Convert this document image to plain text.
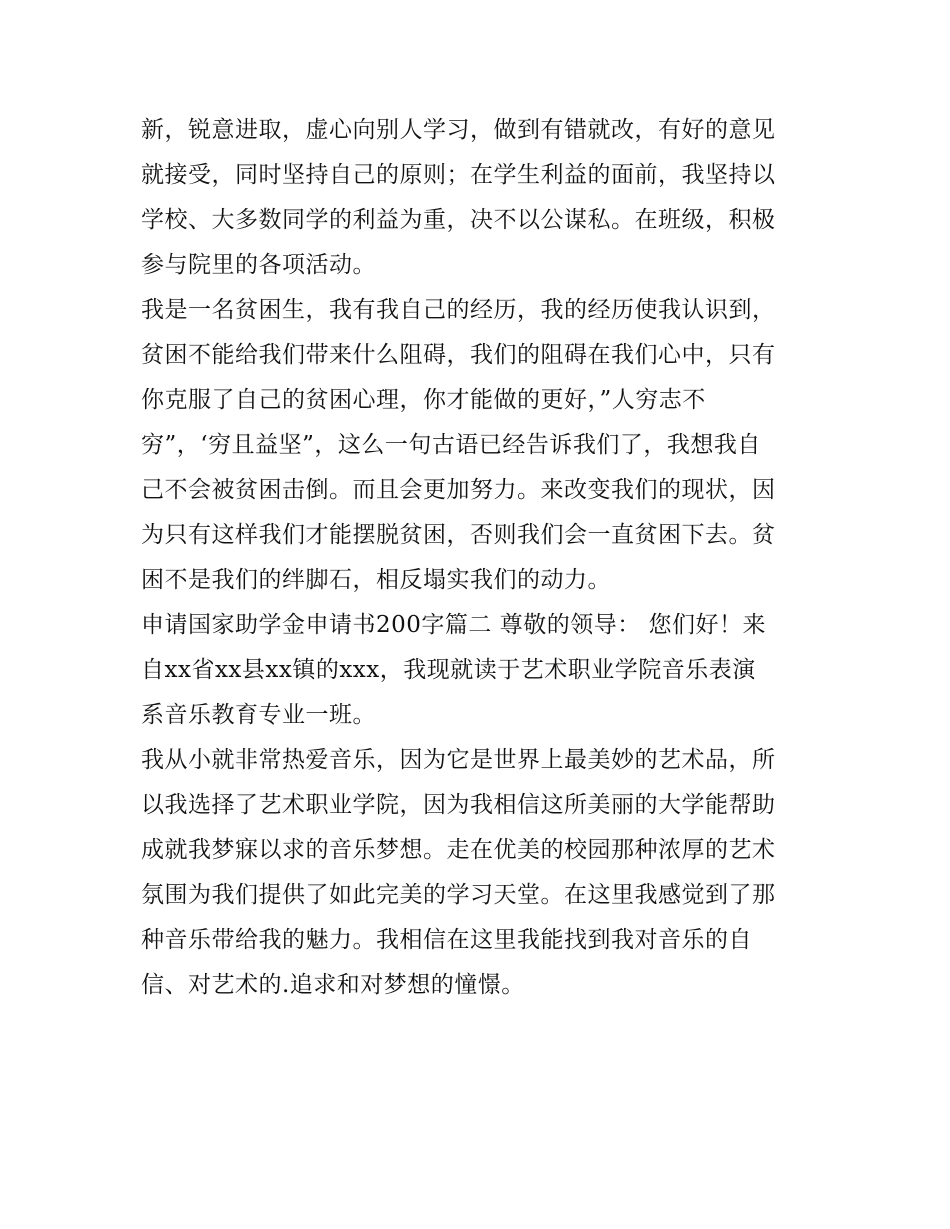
新，锐意进取，虚心向别人学习，做到有错就改，有好的意见
就接受，同时坚持自己的原则；在学生利益的面前，我坚持以
学校、大多数同学的利益为重，决不以公谋私。在班级，积极
参与院里的各项活动。
我是一名贫困生，我有我自己的经历，我的经历使我认识到，
贫困不能给我们带来什么阻碍，我们的阻碍在我们心中，只有
你克服了自己的贫困心理，你才能做的更好，”人穷志不
穷”，‘穷且益坚”，这么一句古语已经告诉我们了，我想我自
己不会被贫困击倒。而且会更加努力。来改变我们的现状，因
为只有这样我们才能摆脱贫困，否则我们会一直贫困下去。贫
困不是我们的绊脚石，相反塌实我们的动力。
申请国家助学金申请书200字篇二 尊敬的领导： 您们好！来
自xx省xx县xx镇的xxx，我现就读于艺术职业学院音乐表演
系音乐教育专业一班。
我从小就非常热爱音乐，因为它是世界上最美妙的艺术品，所
以我选择了艺术职业学院，因为我相信这所美丽的大学能帮助
成就我梦寐以求的音乐梦想。走在优美的校园那种浓厚的艺术
氛围为我们提供了如此完美的学习天堂。在这里我感觉到了那
种音乐带给我的魅力。我相信在这里我能找到我对音乐的自
信、对艺术的.追求和对梦想的憧憬。
